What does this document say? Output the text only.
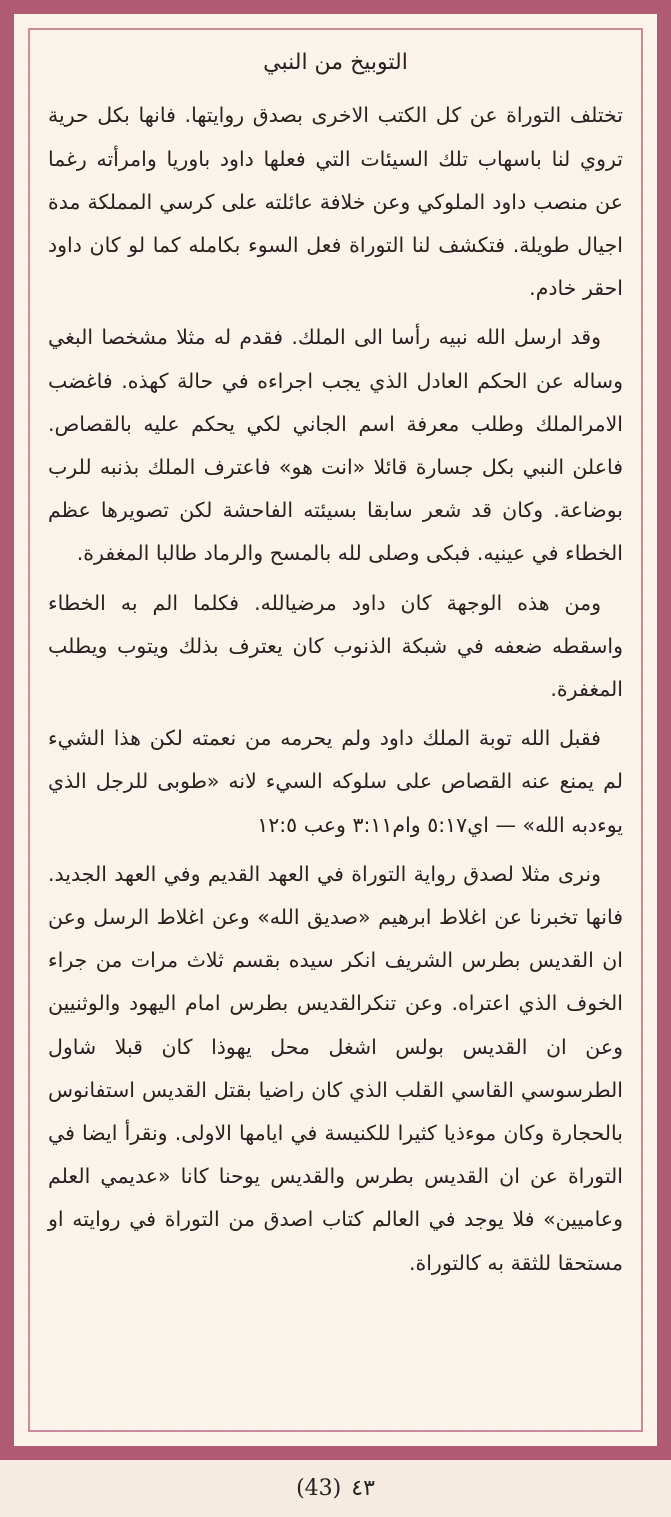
التوبيخ من النبي

تختلف التوراة عن كل الكتب الاخرى بصدق روايتها. فانها بكل حرية تروي لنا باسهاب تلك السيئات التي فعلها داود باوريا وامرأته رغما عن منصب داود الملوكي وعن خلافة عائلته على كرسي المملكة مدة اجيال طويلة. فتكشف لنا التوراة فعل السوء بكامله كما لو كان داود احقر خادم.

وقد ارسل الله نبيه رأسا الى الملك. فقدم له مثلا مشخصا البغي وساله عن الحكم العادل الذي يجب اجراءه في حالة كهذه. فاغضب الامرالملك وطلب معرفة اسم الجاني لكي يحكم عليه بالقصاص. فاعلن النبي بكل جسارة قائلا «انت هو» فاعترف الملك بذنبه للرب بوضاعة. وكان قد شعر سابقا بسيئته الفاحشة لكن تصويرها عظم الخطاء في عينيه. فبكى وصلى لله بالمسح والرماد طالبا المغفرة.

ومن هذه الوجهة كان داود مرضيالله. فكلما الم به الخطاء واسقطه ضعفه في شبكة الذنوب كان يعترف بذلك ويتوب ويطلب المغفرة.

فقبل الله توبة الملك داود ولم يحرمه من نعمته لكن هذا الشيء لم يمنع عنه القصاص على سلوكه السيء لانه «طوبى للرجل الذي يوءدبه الله» — اي٥:١٧ وام٣:١١ وعب ١٢:٥

ونرى مثلا لصدق رواية التوراة في العهد القديم وفي العهد الجديد. فانها تخبرنا عن اغلاط ابرهيم «صديق الله» وعن اغلاط الرسل وعن ان القديس بطرس الشريف انكر سيده بقسم ثلاث مرات من جراء الخوف الذي اعتراه. وعن تنكرالقديس بطرس امام اليهود والوثنيين وعن ان القديس بولس اشغل محل يهوذا كان قبلا شاول الطرسوسي القاسي القلب الذي كان راضيا بقتل القديس استفانوس بالحجارة وكان موءذيا كثيرا للكنيسة في ايامها الاولى. ونقرأ ايضا في التوراة عن ان القديس بطرس والقديس يوحنا كانا «عديمي العلم وعاميين» فلا يوجد في العالم كتاب اصدق من التوراة في روايته او مستحقا للثقة به كالتوراة.

(43) ٤٣
